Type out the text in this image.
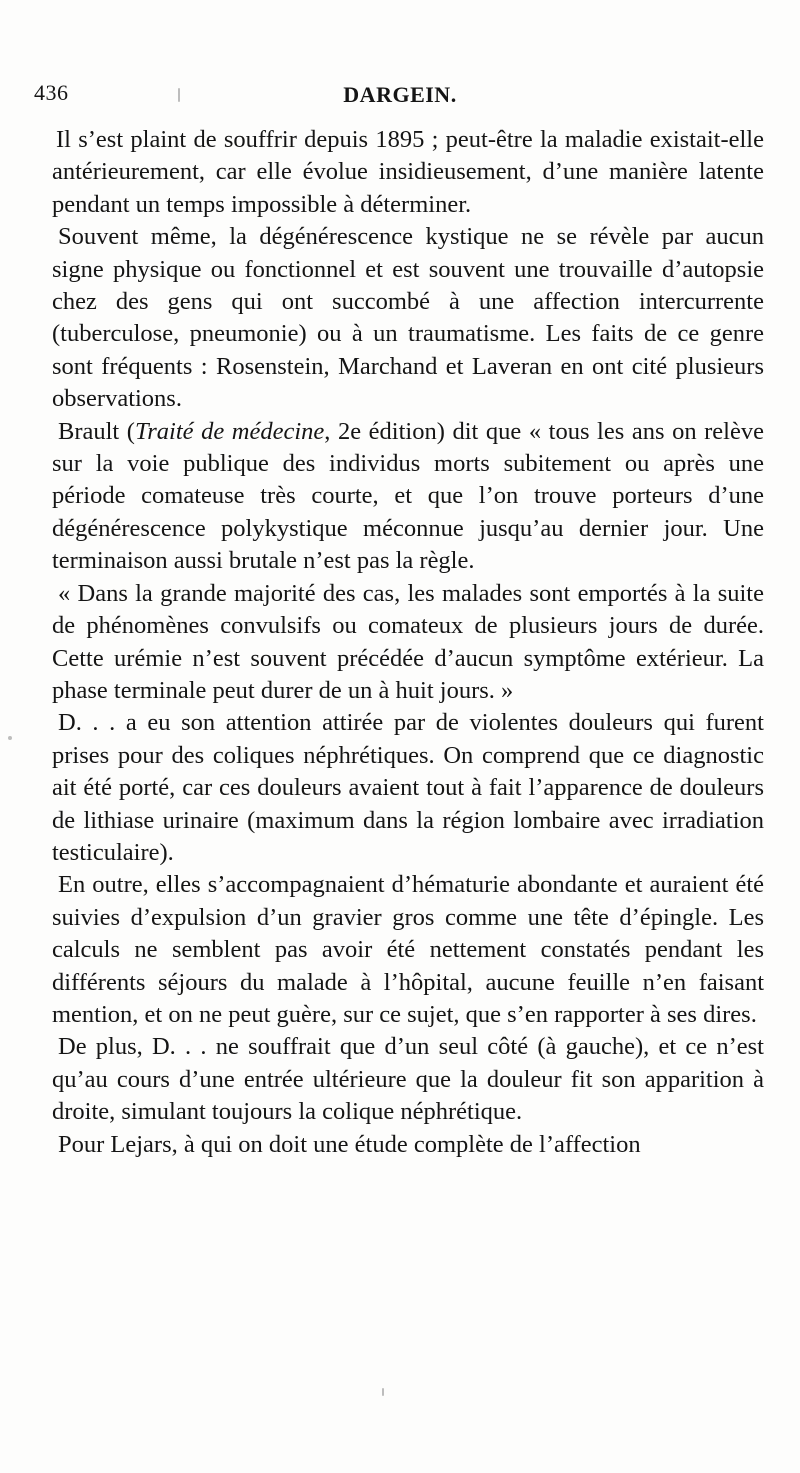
436	DARGEIN.

Il s’est plaint de souffrir depuis 1895 ; peut-être la maladie existait-elle antérieurement, car elle évolue insidieusement, d’une manière latente pendant un temps impossible à déterminer.

Souvent même, la dégénérescence kystique ne se révèle par aucun signe physique ou fonctionnel et est souvent une trouvaille d’autopsie chez des gens qui ont succombé à une affection intercurrente (tuberculose, pneumonie) ou à un traumatisme. Les faits de ce genre sont fréquents : Rosenstein, Marchand et Laveran en ont cité plusieurs observations.

Brault (Traité de médecine, 2e édition) dit que « tous les ans on relève sur la voie publique des individus morts subitement ou après une période comateuse très courte, et que l’on trouve porteurs d’une dégénérescence polykystique méconnue jusqu’au dernier jour. Une terminaison aussi brutale n’est pas la règle.

« Dans la grande majorité des cas, les malades sont emportés à la suite de phénomènes convulsifs ou comateux de plusieurs jours de durée. Cette urémie n’est souvent précédée d’aucun symptôme extérieur. La phase terminale peut durer de un à huit jours. »

D. . . a eu son attention attirée par de violentes douleurs qui furent prises pour des coliques néphrétiques. On comprend que ce diagnostic ait été porté, car ces douleurs avaient tout à fait l’apparence de douleurs de lithiase urinaire (maximum dans la région lombaire avec irradiation testiculaire).

En outre, elles s’accompagnaient d’hématurie abondante et auraient été suivies d’expulsion d’un gravier gros comme une tête d’épingle. Les calculs ne semblent pas avoir été nettement constatés pendant les différents séjours du malade à l’hôpital, aucune feuille n’en faisant mention, et on ne peut guère, sur ce sujet, que s’en rapporter à ses dires.

De plus, D. . . ne souffrait que d’un seul côté (à gauche), et ce n’est qu’au cours d’une entrée ultérieure que la douleur fit son apparition à droite, simulant toujours la colique néphrétique.

Pour Lejars, à qui on doit une étude complète de l’affection
